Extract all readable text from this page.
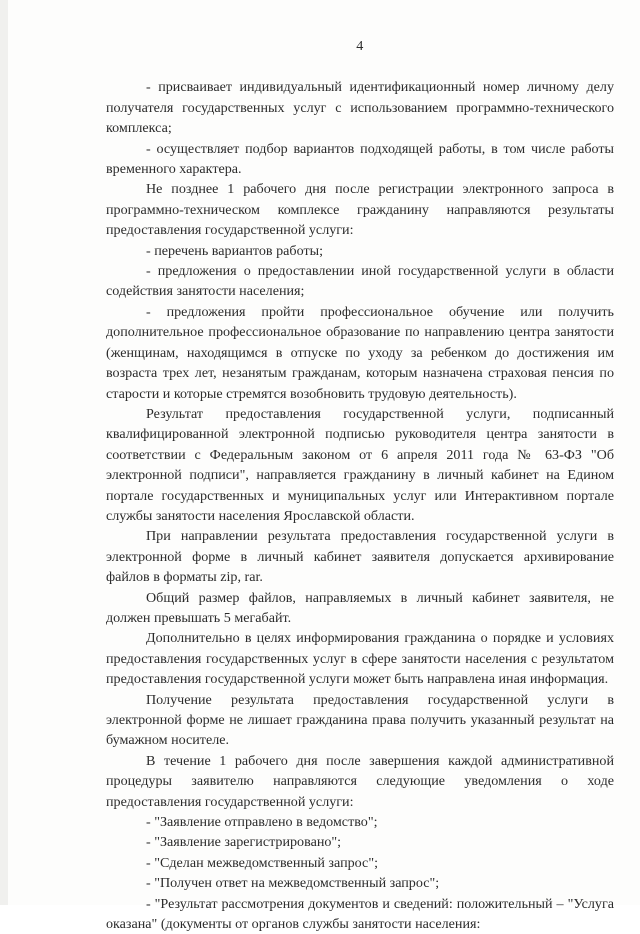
4

- присваивает индивидуальный идентификационный номер личному делу получателя государственных услуг с использованием программно-технического комплекса;

- осуществляет подбор вариантов подходящей работы, в том числе работы временного характера.

Не позднее 1 рабочего дня после регистрации электронного запроса в программно-техническом комплексе гражданину направляются результаты предоставления государственной услуги:

- перечень вариантов работы;

- предложения о предоставлении иной государственной услуги в области содействия занятости населения;

- предложения пройти профессиональное обучение или получить дополнительное профессиональное образование по направлению центра занятости (женщинам, находящимся в отпуске по уходу за ребенком до достижения им возраста трех лет, незанятым гражданам, которым назначена страховая пенсия по старости и которые стремятся возобновить трудовую деятельность).

Результат предоставления государственной услуги, подписанный квалифицированной электронной подписью руководителя центра занятости в соответствии с Федеральным законом от 6 апреля 2011 года № 63-ФЗ "Об электронной подписи", направляется гражданину в личный кабинет на Едином портале государственных и муниципальных услуг или Интерактивном портале службы занятости населения Ярославской области.

При направлении результата предоставления государственной услуги в электронной форме в личный кабинет заявителя допускается архивирование файлов в форматы zip, rar.

Общий размер файлов, направляемых в личный кабинет заявителя, не должен превышать 5 мегабайт.

Дополнительно в целях информирования гражданина о порядке и условиях предоставления государственных услуг в сфере занятости населения с результатом предоставления государственной услуги может быть направлена иная информация.

Получение результата предоставления государственной услуги в электронной форме не лишает гражданина права получить указанный результат на бумажном носителе.

В течение 1 рабочего дня после завершения каждой административной процедуры заявителю направляются следующие уведомления о ходе предоставления государственной услуги:

- "Заявление отправлено в ведомство";

- "Заявление зарегистрировано";

- "Сделан межведомственный запрос";

- "Получен ответ на межведомственный запрос";

- "Результат рассмотрения документов и сведений: положительный – "Услуга оказана" (документы от органов службы занятости населения:
